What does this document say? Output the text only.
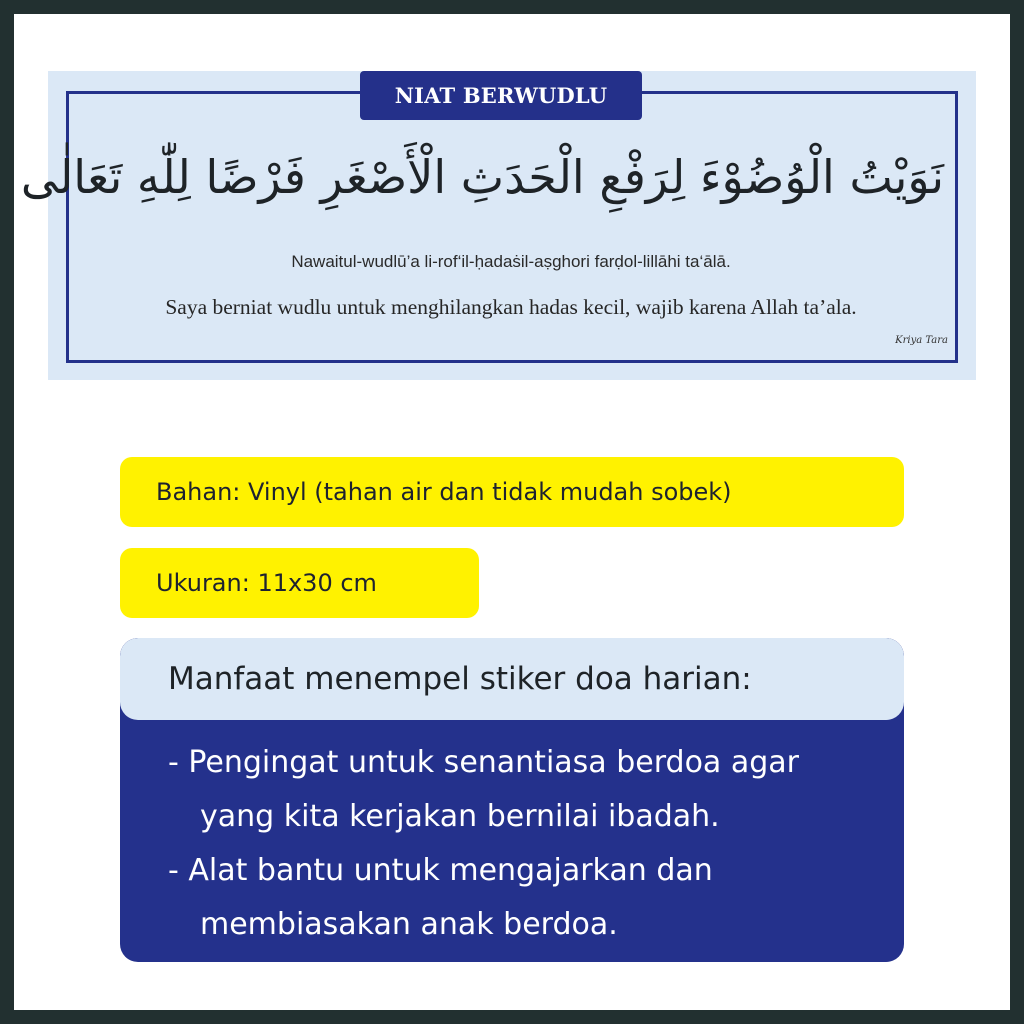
NIAT BERWUDLU
نَوَيْتُ الْوُضُوْءَ لِرَفْعِ الْحَدَثِ الْأَصْغَرِ فَرْضًا لِلّٰهِ تَعَالٰى
Nawaitul-wudlū’a li-rof‘il-ḥadaṡil-aṣghori farḍol-lillāhi ta‘ālā.
Saya berniat wudlu untuk menghilangkan hadas kecil, wajib karena Allah ta’ala.
Kriya Tara
Bahan: Vinyl (tahan air dan tidak mudah sobek)
Ukuran: 11x30 cm
Manfaat menempel stiker doa harian:
- Pengingat untuk senantiasa berdoa agar
yang kita kerjakan bernilai ibadah.
- Alat bantu untuk mengajarkan dan
membiasakan anak berdoa.
